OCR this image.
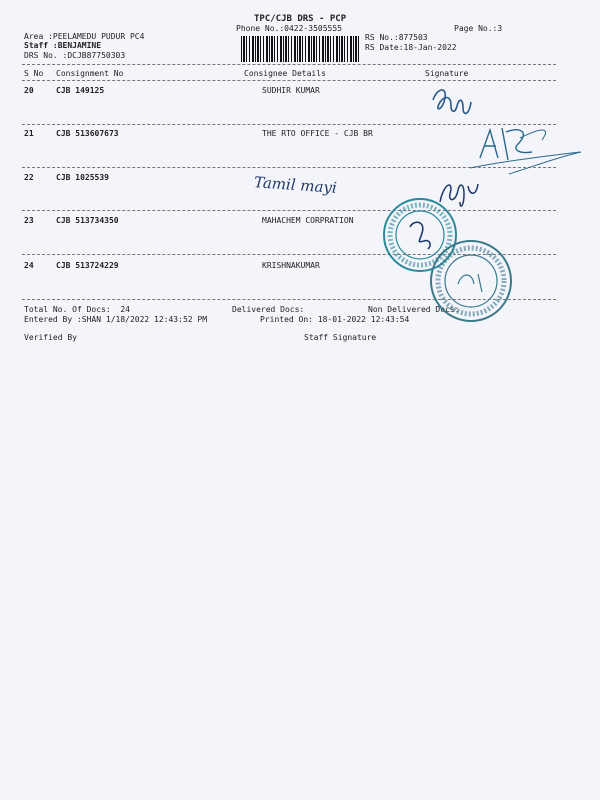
TPC/CJB DRS - PCP
Phone No.:0422-3505555	Page No.:3
Area :PEELAMEDU PUDUR PC4
Staff :BENJAMINE
DRS No. :DCJB87750303
RS No.:877503
RS Date:18-Jan-2022
S No Consignment No	Consignee Details	Signature
20	CJB 149125	SUDHIR KUMAR
21	CJB 513607673	THE RTO OFFICE - CJB BR
22	CJB 1025539
23	CJB 513734350	MAHACHEM CORPRATION
24	CJB 513724229	KRISHNAKUMAR
Total No. Of Docs:  24	Delivered Docs:	Non Delivered Docs:
Entered By :SHAN 1/18/2022 12:43:52 PM	Printed On: 18-01-2022 12:43:54
Verified By	Staff Signature
Tamil mayi
